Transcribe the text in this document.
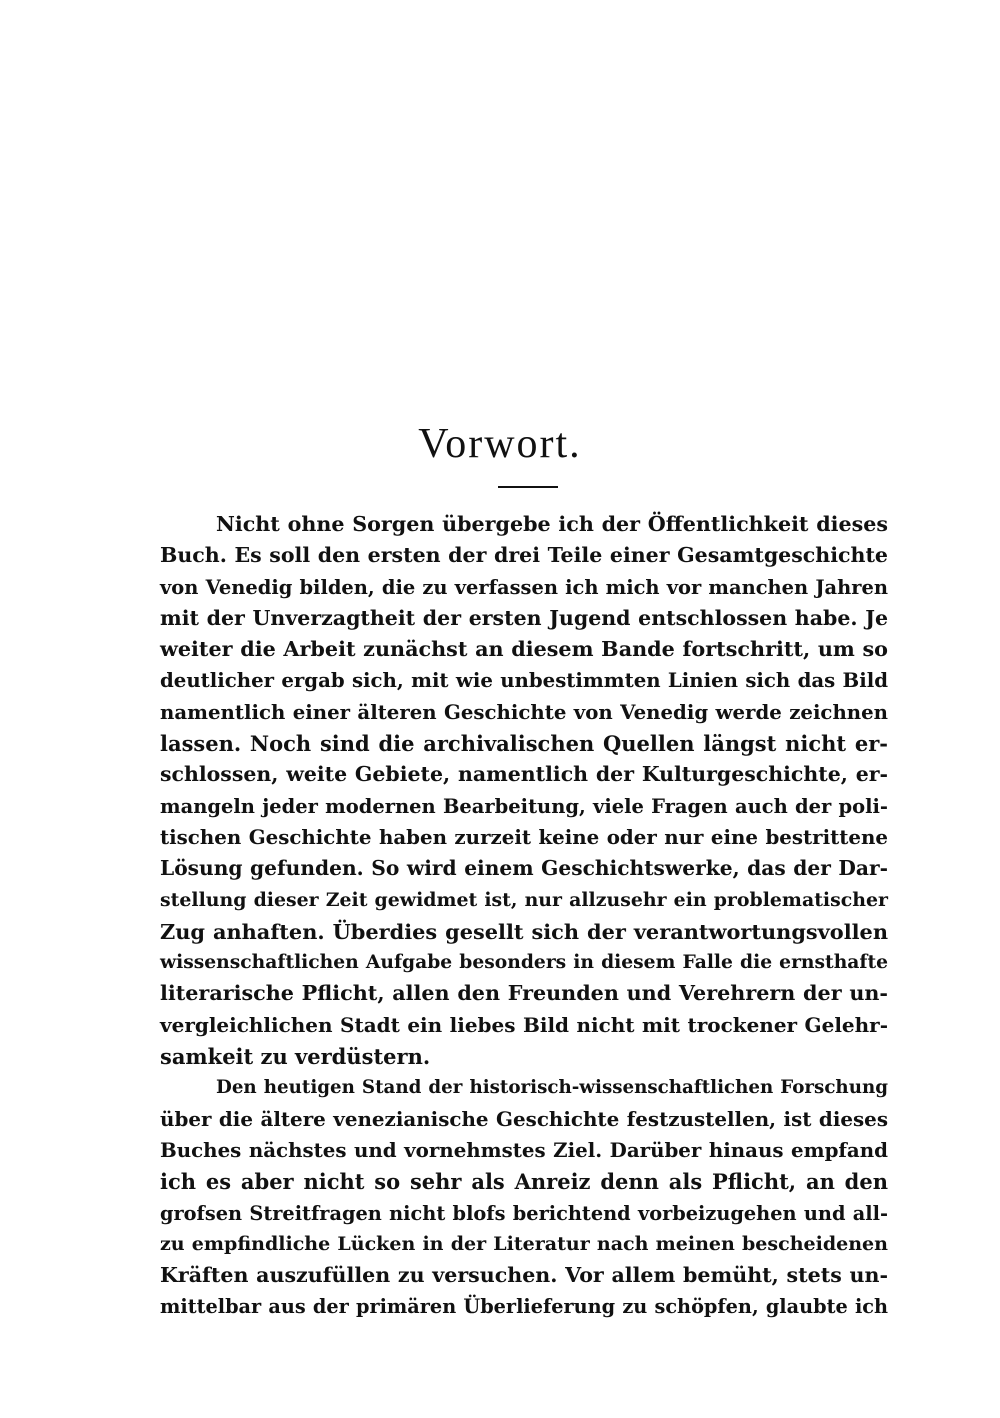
Vorwort.
Nicht ohne Sorgen übergebe ich der Öffentlichkeit dieses
Buch. Es soll den ersten der drei Teile einer Gesamtgeschichte
von Venedig bilden, die zu verfassen ich mich vor manchen Jahren
mit der Unverzagtheit der ersten Jugend entschlossen habe. Je
weiter die Arbeit zunächst an diesem Bande fortschritt, um so
deutlicher ergab sich, mit wie unbestimmten Linien sich das Bild
namentlich einer älteren Geschichte von Venedig werde zeichnen
lassen. Noch sind die archivalischen Quellen längst nicht er-
schlossen, weite Gebiete, namentlich der Kulturgeschichte, er-
mangeln jeder modernen Bearbeitung, viele Fragen auch der poli-
tischen Geschichte haben zurzeit keine oder nur eine bestrittene
Lösung gefunden. So wird einem Geschichtswerke, das der Dar-
stellung dieser Zeit gewidmet ist, nur allzusehr ein problematischer
Zug anhaften. Überdies gesellt sich der verantwortungsvollen
wissenschaftlichen Aufgabe besonders in diesem Falle die ernsthafte
literarische Pflicht, allen den Freunden und Verehrern der un-
vergleichlichen Stadt ein liebes Bild nicht mit trockener Gelehr-
samkeit zu verdüstern.
Den heutigen Stand der historisch-wissenschaftlichen Forschung
über die ältere venezianische Geschichte festzustellen, ist dieses
Buches nächstes und vornehmstes Ziel. Darüber hinaus empfand
ich es aber nicht so sehr als Anreiz denn als Pflicht, an den
grofsen Streitfragen nicht blofs berichtend vorbeizugehen und all-
zu empfindliche Lücken in der Literatur nach meinen bescheidenen
Kräften auszufüllen zu versuchen. Vor allem bemüht, stets un-
mittelbar aus der primären Überlieferung zu schöpfen, glaubte ich
